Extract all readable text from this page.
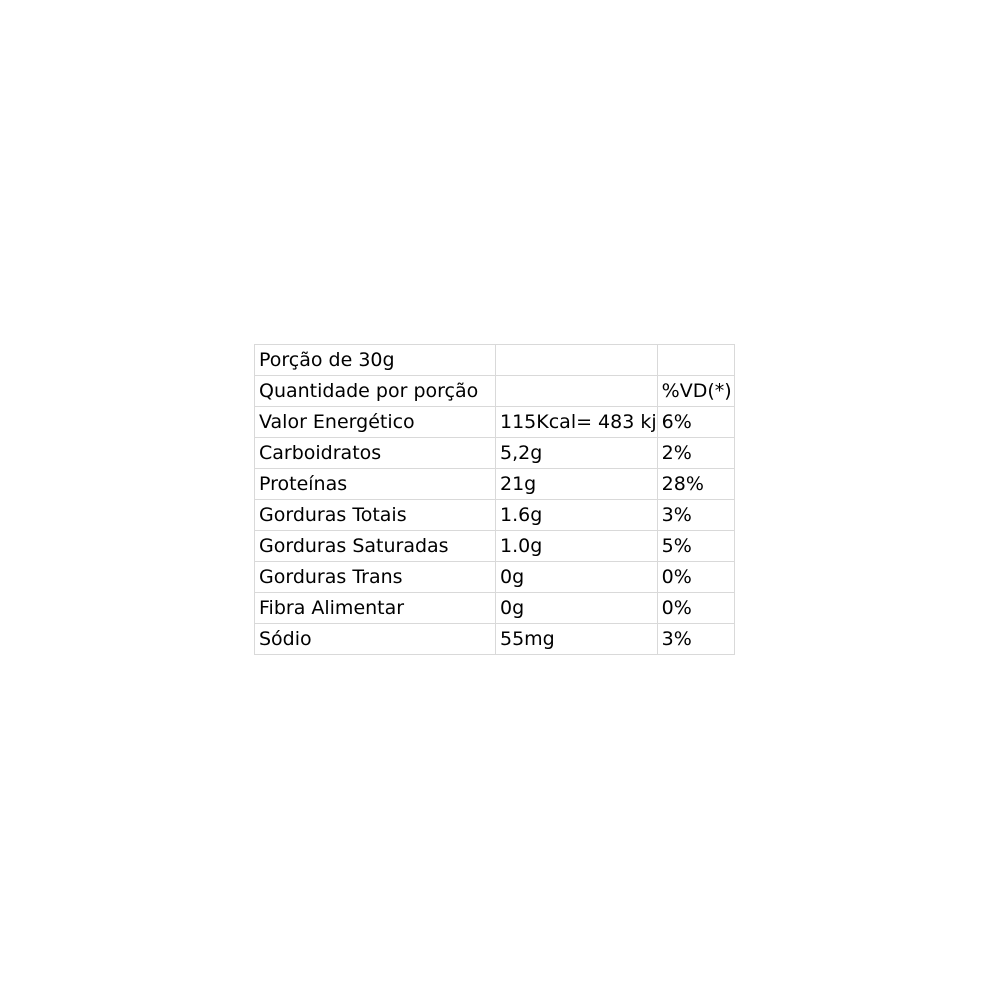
Porção de 30g		
Quantidade por porção		%VD(*)
Valor Energético	115Kcal= 483 kj	6%
Carboidratos	5,2g	2%
Proteínas	21g	28%
Gorduras Totais	1.6g	3%
Gorduras Saturadas	1.0g	5%
Gorduras Trans	0g	0%
Fibra Alimentar	0g	0%
Sódio	55mg	3%
